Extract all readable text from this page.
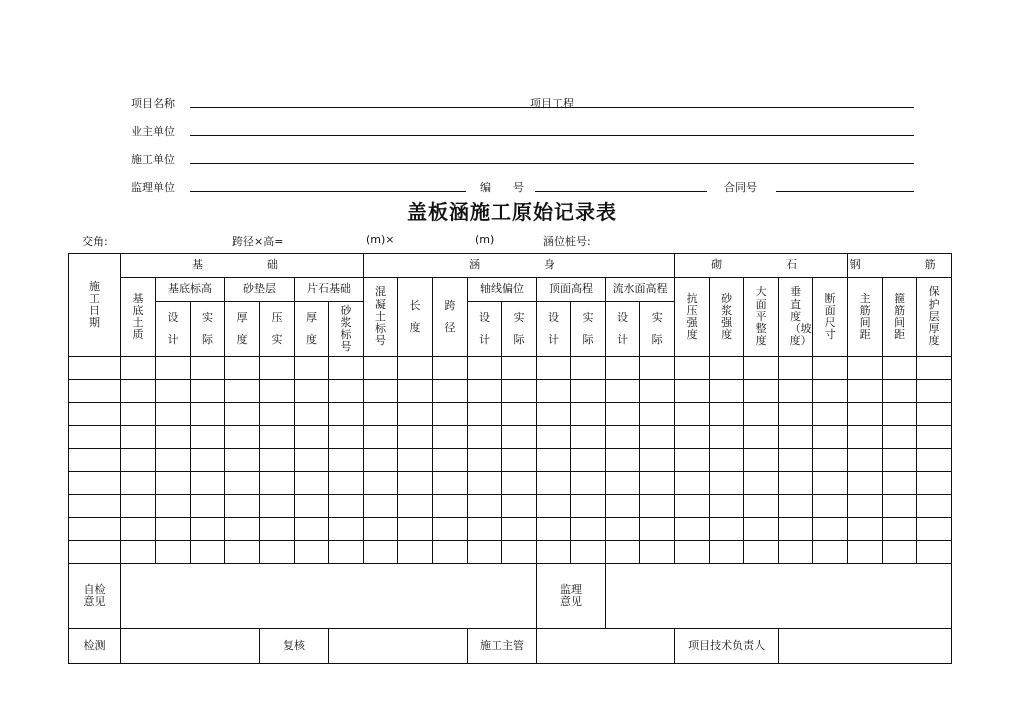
项目名称	项目工程
业主单位
施工单位
监理单位	编　　号	合同号
盖板涵施工原始记录表
交角:	跨径×高=	(m)×	(m)	涵位桩号:
施工日期	基　　础							涵　　身									砌　　石					钢　　筋		
	基底土质	基底标高		砂垫层		片石基础		混凝土标号	长度	跨径	轴线偏位		顶面高程		流水面高程		抗压强度	砂浆强度	大面平整度	垂直度（坡度）	断面尺寸	主筋间距	箍筋间距	保护层厚度
		设计	实际	厚度	压实	厚度	砂浆标号				设计	实际	设计	实际	设计	实际								

自检意见													监理意见											
检测					复核						施工主管						项目技术负责人							
